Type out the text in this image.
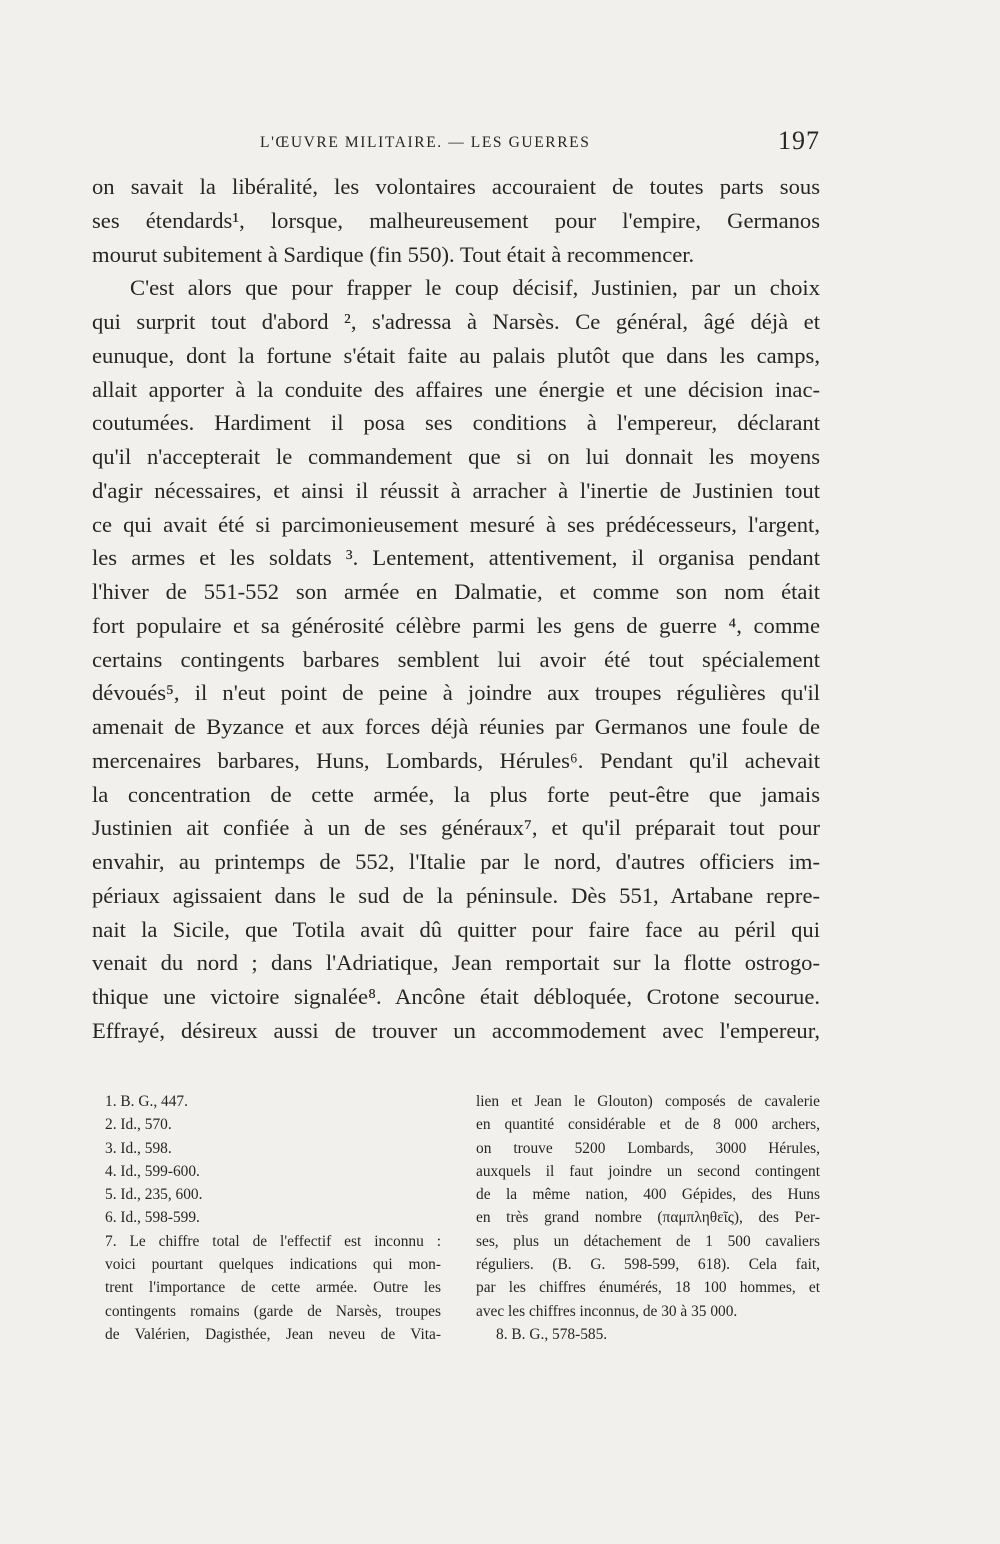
L'ŒUVRE MILITAIRE. — LES GUERRES	197
on savait la libéralité, les volontaires accouraient de toutes parts sous
ses étendards¹, lorsque, malheureusement pour l'empire, Germanos
mourut subitement à Sardique (fin 550). Tout était à recommencer.
C'est alors que pour frapper le coup décisif, Justinien, par un choix
qui surprit tout d'abord ², s'adressa à Narsès. Ce général, âgé déjà et
eunuque, dont la fortune s'était faite au palais plutôt que dans les camps,
allait apporter à la conduite des affaires une énergie et une décision inac-
coutumées. Hardiment il posa ses conditions à l'empereur, déclarant
qu'il n'accepterait le commandement que si on lui donnait les moyens
d'agir nécessaires, et ainsi il réussit à arracher à l'inertie de Justinien tout
ce qui avait été si parcimonieusement mesuré à ses prédécesseurs, l'argent,
les armes et les soldats ³. Lentement, attentivement, il organisa pendant
l'hiver de 551-552 son armée en Dalmatie, et comme son nom était
fort populaire et sa générosité célèbre parmi les gens de guerre ⁴, comme
certains contingents barbares semblent lui avoir été tout spécialement
dévoués⁵, il n'eut point de peine à joindre aux troupes régulières qu'il
amenait de Byzance et aux forces déjà réunies par Germanos une foule de
mercenaires barbares, Huns, Lombards, Hérules⁶. Pendant qu'il achevait
la concentration de cette armée, la plus forte peut-être que jamais
Justinien ait confiée à un de ses généraux⁷, et qu'il préparait tout pour
envahir, au printemps de 552, l'Italie par le nord, d'autres officiers im-
périaux agissaient dans le sud de la péninsule. Dès 551, Artabane repre-
nait la Sicile, que Totila avait dû quitter pour faire face au péril qui
venait du nord ; dans l'Adriatique, Jean remportait sur la flotte ostrogo-
thique une victoire signalée⁸. Ancône était débloquée, Crotone secourue.
Effrayé, désireux aussi de trouver un accommodement avec l'empereur,
1. B. G., 447.
2. Id., 570.
3. Id., 598.
4. Id., 599-600.
5. Id., 235, 600.
6. Id., 598-599.
7. Le chiffre total de l'effectif est inconnu :
voici pourtant quelques indications qui mon-
trent l'importance de cette armée. Outre les
contingents romains (garde de Narsès, troupes
de Valérien, Dagisthée, Jean neveu de Vita-
lien et Jean le Glouton) composés de cavalerie
en quantité considérable et de 8 000 archers,
on trouve 5200 Lombards, 3000 Hérules,
auxquels il faut joindre un second contingent
de la même nation, 400 Gépides, des Huns
en très grand nombre (παμπληθεῖς), des Per-
ses, plus un détachement de 1 500 cavaliers
réguliers. (B. G. 598-599, 618). Cela fait,
par les chiffres énumérés, 18 100 hommes, et
avec les chiffres inconnus, de 30 à 35 000.
8. B. G., 578-585.
